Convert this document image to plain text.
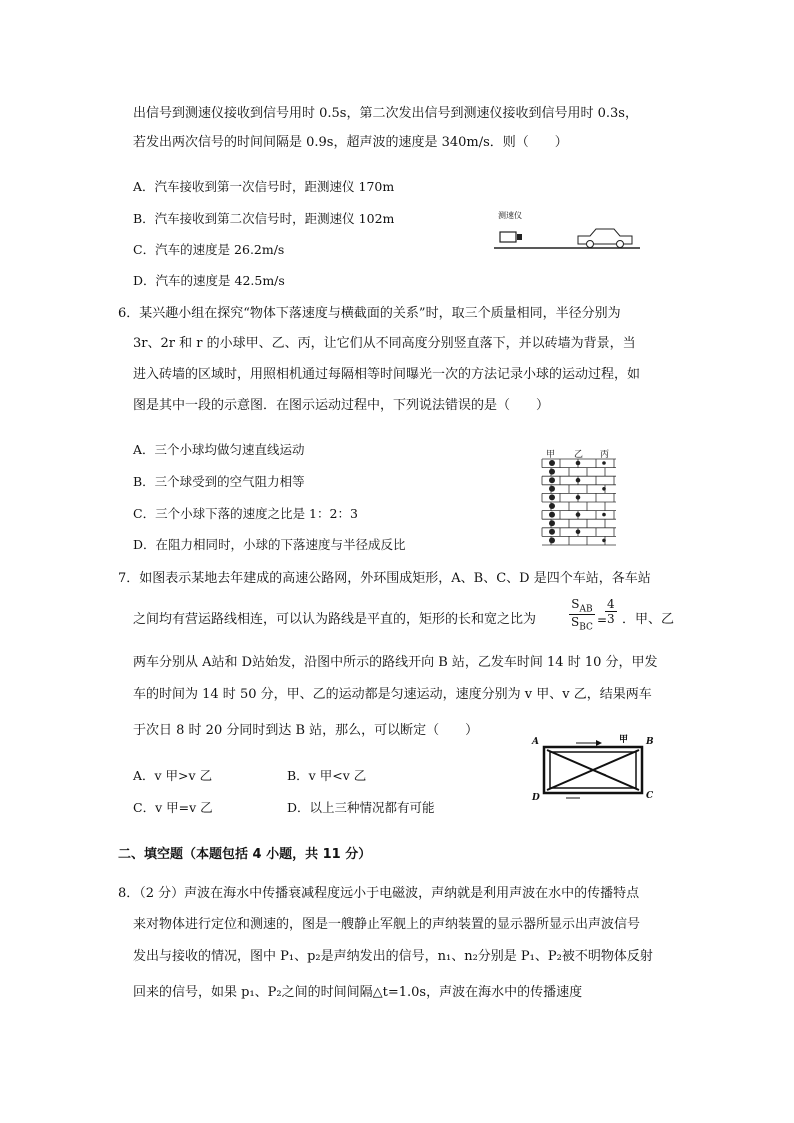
出信号到测速仪接收到信号用时 0.5s，第二次发出信号到测速仪接收到信号用时 0.3s，
若发出两次信号的时间间隔是 0.9s，超声波的速度是 340m/s．则（　　）
A．汽车接收到第一次信号时，距测速仪 170m
B．汽车接收到第二次信号时，距测速仪 102m
C．汽车的速度是 26.2m/s
D．汽车的速度是 42.5m/s
测速仪
6．某兴趣小组在探究“物体下落速度与横截面的关系”时，取三个质量相同，半径分别为
3r、2r 和 r 的小球甲、乙、丙，让它们从不同高度分别竖直落下，并以砖墙为背景，当
进入砖墙的区域时，用照相机通过每隔相等时间曝光一次的方法记录小球的运动过程，如
图是其中一段的示意图．在图示运动过程中，下列说法错误的是（　　）
A．三个小球均做匀速直线运动
B．三个球受到的空气阻力相等
C．三个小球下落的速度之比是 1：2：3
D．在阻力相同时，小球的下落速度与半径成反比
甲 乙 丙
7．如图表示某地去年建成的高速公路网，外环围成矩形，A、B、C、D 是四个车站，各车站
之间均有营运路线相连，可以认为路线是平直的，矩形的长和宽之比为
$S_{AB}$
$S_{BC}$
=
$\frac{4}{3}$ ．甲、乙
两车分别从 A站和 D站始发，沿图中所示的路线开向 B 站，乙发车时间 14 时 10 分，甲发
车的时间为 14 时 50 分，甲、乙的运动都是匀速运动，速度分别为 v 甲、v 乙，结果两车
于次日 8 时 20 分同时到达 B 站，那么，可以断定（　　）
A．v 甲>v 乙	B．v 甲<v 乙
C．v 甲=v 乙	D．以上三种情况都有可能
A	B
C
D
甲
二、填空题（本题包括 4 小题，共 11 分）
8．（2 分）声波在海水中传播衰减程度远小于电磁波，声纳就是利用声波在水中的传播特点
来对物体进行定位和测速的，图是一艘静止军舰上的声纳装置的显示器所显示出声波信号
发出与接收的情况，图中 P₁、p₂是声纳发出的信号，n₁、n₂分别是 P₁、P₂被不明物体反射
回来的信号，如果 p₁、P₂之间的时间间隔△t=1.0s，声波在海水中的传播速度
